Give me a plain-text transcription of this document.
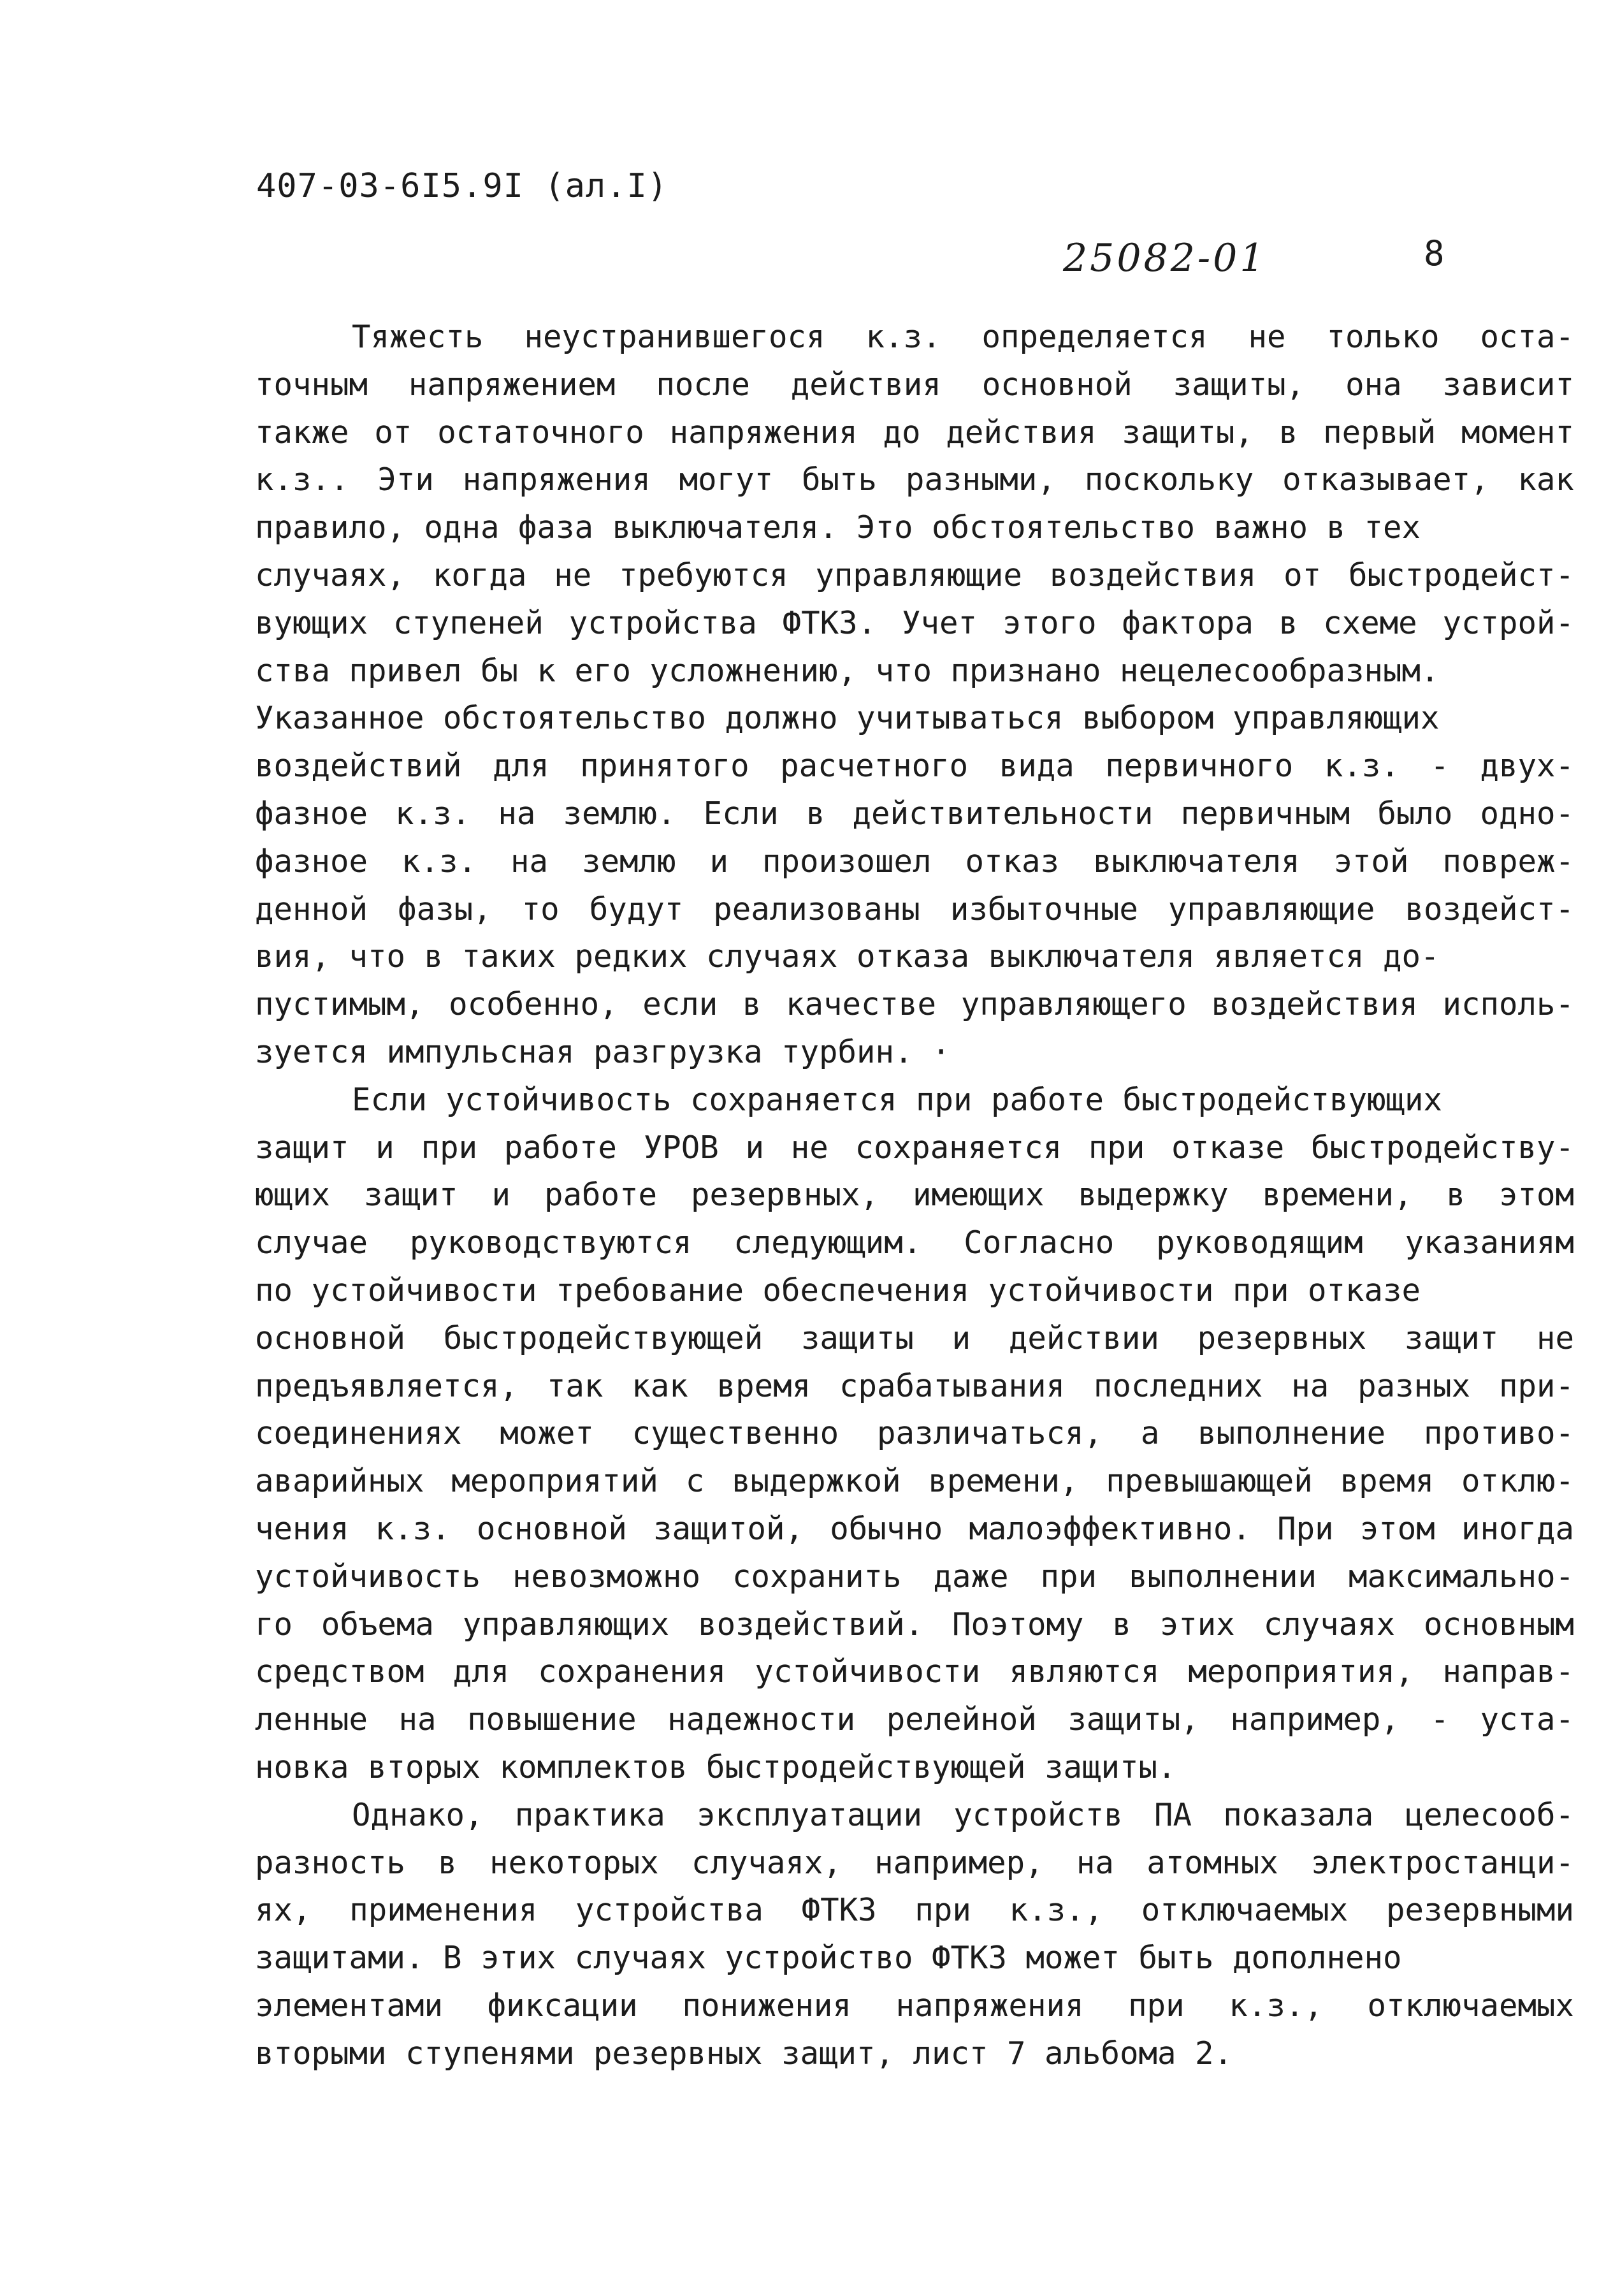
407-03-6I5.9I (ал.I)
25082-01	8
Тяжесть неустранившегося к.з. определяется не только оста-
точным напряжением после действия основной защиты, она зависит
также от остаточного напряжения до действия защиты, в первый момент
к.з.. Эти напряжения могут быть разными, поскольку отказывает, как
правило, одна фаза выключателя. Это обстоятельство важно в тех
случаях, когда не требуются управляющие воздействия от быстродейст-
вующих ступеней устройства ФТКЗ. Учет этого фактора в схеме устрой-
ства привел бы к его усложнению, что признано нецелесообразным.
Указанное обстоятельство должно учитываться выбором управляющих
воздействий для принятого расчетного вида первичного к.з. - двух-
фазное к.з. на землю. Если в действительности первичным было одно-
фазное к.з. на землю и произошел отказ выключателя этой повреж-
денной фазы, то будут реализованы избыточные управляющие воздейст-
вия, что в таких редких случаях отказа выключателя является до-
пустимым, особенно, если в качестве управляющего воздействия исполь-
зуется импульсная разгрузка турбин. ·
Если устойчивость сохраняется при работе быстродействующих
защит и при работе УРОВ и не сохраняется при отказе быстродейству-
ющих защит и работе резервных, имеющих выдержку времени, в этом
случае руководствуются следующим. Согласно руководящим указаниям
по устойчивости требование обеспечения устойчивости при отказе
основной быстродействующей защиты и действии резервных защит не
предъявляется, так как время срабатывания последних на разных при-
соединениях может существенно различаться, а выполнение противо-
аварийных мероприятий с выдержкой времени, превышающей время отклю-
чения к.з. основной защитой, обычно малоэффективно. При этом иногда
устойчивость невозможно сохранить даже при выполнении максимально-
го объема управляющих воздействий. Поэтому в этих случаях основным
средством для сохранения устойчивости являются мероприятия, направ-
ленные на повышение надежности релейной защиты, например, - уста-
новка вторых комплектов быстродействующей защиты.
Однако, практика эксплуатации устройств ПА показала целесооб-
разность в некоторых случаях, например, на атомных электростанци-
ях, применения устройства ФТКЗ при к.з., отключаемых резервными
защитами. В этих случаях устройство ФТКЗ может быть дополнено
элементами фиксации понижения напряжения при к.з., отключаемых
вторыми ступенями резервных защит, лист 7 альбома 2.
